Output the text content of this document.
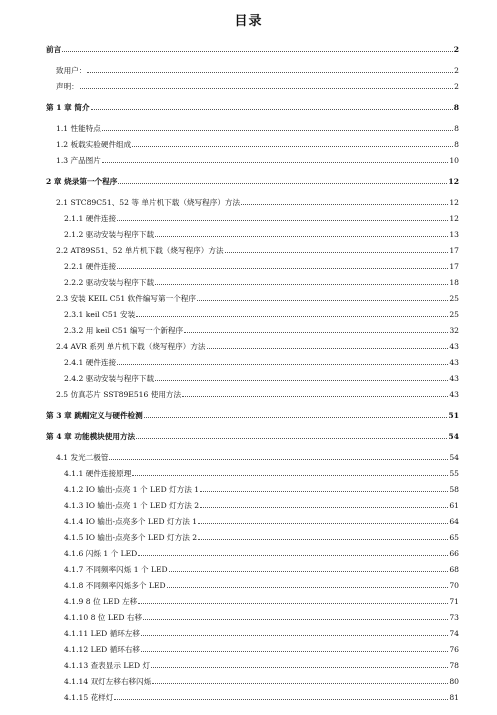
目录
前言	2
致用户：	2
声明：	2
第 1 章 简介	8
1.1 性能特点	8
1.2 板载实验硬件组成	8
1.3 产品图片	10
2 章 烧录第一个程序	12
2.1 STC89C51、52 等 单片机下载（烧写程序）方法	12
2.1.1 硬件连接	12
2.1.2 驱动安装与程序下载	13
2.2 AT89S51、52 单片机下载（烧写程序）方法	17
2.2.1 硬件连接	17
2.2.2 驱动安装与程序下载	18
2.3 安装 KEIL C51 软件编写第一个程序	25
2.3.1 keil C51 安装	25
2.3.2 用 keil C51 编写一个新程序	32
2.4 AVR 系列 单片机下载（烧写程序）方法	43
2.4.1 硬件连接	43
2.4.2 驱动安装与程序下载	43
2.5 仿真芯片 SST89E516 使用方法	43
第 3 章 跳帽定义与硬件检测	51
第 4 章 功能模块使用方法	54
4.1 发光二极管	54
4.1.1 硬件连接原理	55
4.1.2 IO 输出-点亮 1 个 LED 灯方法 1	58
4.1.3 IO 输出-点亮 1 个 LED 灯方法 2	61
4.1.4 IO 输出-点亮多个 LED 灯方法 1	64
4.1.5 IO 输出-点亮多个 LED 灯方法 2	65
4.1.6 闪烁 1 个 LED	66
4.1.7 不同频率闪烁 1 个 LED	68
4.1.8 不同频率闪烁多个 LED	70
4.1.9 8 位 LED 左移	71
4.1.10 8 位 LED 右移	73
4.1.11 LED 循环左移	74
4.1.12 LED 循环右移	76
4.1.13 查表显示 LED 灯	78
4.1.14 双灯左移右移闪烁	80
4.1.15 花样灯	81
